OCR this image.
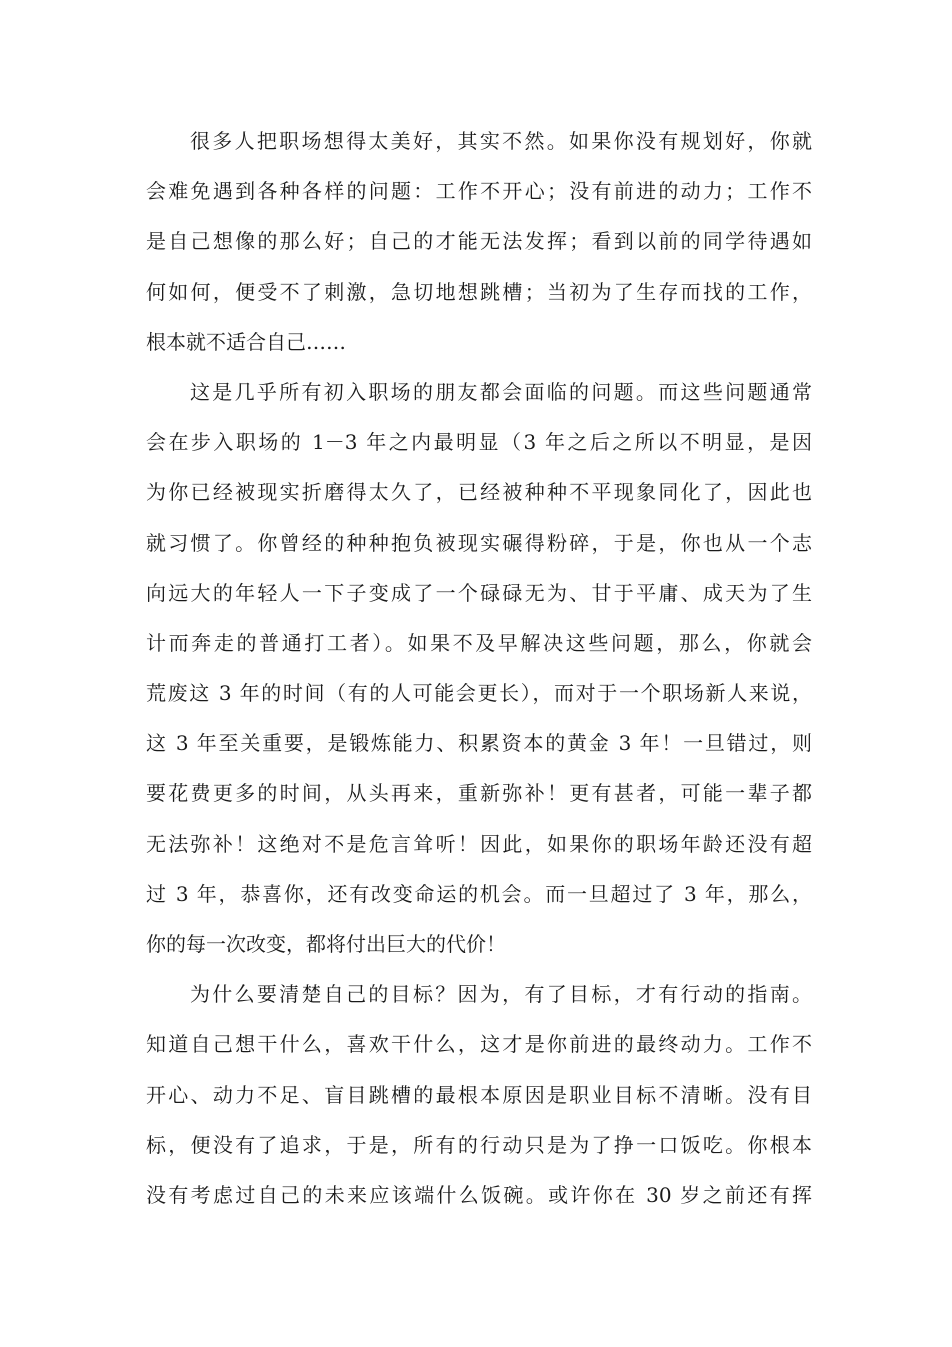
很多人把职场想得太美好，其实不然。如果你没有规划好，你就
会难免遇到各种各样的问题：工作不开心；没有前进的动力；工作不
是自己想像的那么好；自己的才能无法发挥；看到以前的同学待遇如
何如何，便受不了刺激，急切地想跳槽；当初为了生存而找的工作，
根本就不适合自己……
这是几乎所有初入职场的朋友都会面临的问题。而这些问题通常
会在步入职场的 1－3 年之内最明显（3 年之后之所以不明显，是因
为你已经被现实折磨得太久了，已经被种种不平现象同化了，因此也
就习惯了。你曾经的种种抱负被现实碾得粉碎，于是，你也从一个志
向远大的年轻人一下子变成了一个碌碌无为、甘于平庸、成天为了生
计而奔走的普通打工者）。如果不及早解决这些问题，那么，你就会
荒废这 3 年的时间（有的人可能会更长），而对于一个职场新人来说，
这 3 年至关重要，是锻炼能力、积累资本的黄金 3 年！一旦错过，则
要花费更多的时间，从头再来，重新弥补！更有甚者，可能一辈子都
无法弥补！这绝对不是危言耸听！因此，如果你的职场年龄还没有超
过 3 年，恭喜你，还有改变命运的机会。而一旦超过了 3 年，那么，
你的每一次改变，都将付出巨大的代价！
为什么要清楚自己的目标？因为，有了目标，才有行动的指南。
知道自己想干什么，喜欢干什么，这才是你前进的最终动力。工作不
开心、动力不足、盲目跳槽的最根本原因是职业目标不清晰。没有目
标，便没有了追求，于是，所有的行动只是为了挣一口饭吃。你根本
没有考虑过自己的未来应该端什么饭碗。或许你在 30 岁之前还有挥
